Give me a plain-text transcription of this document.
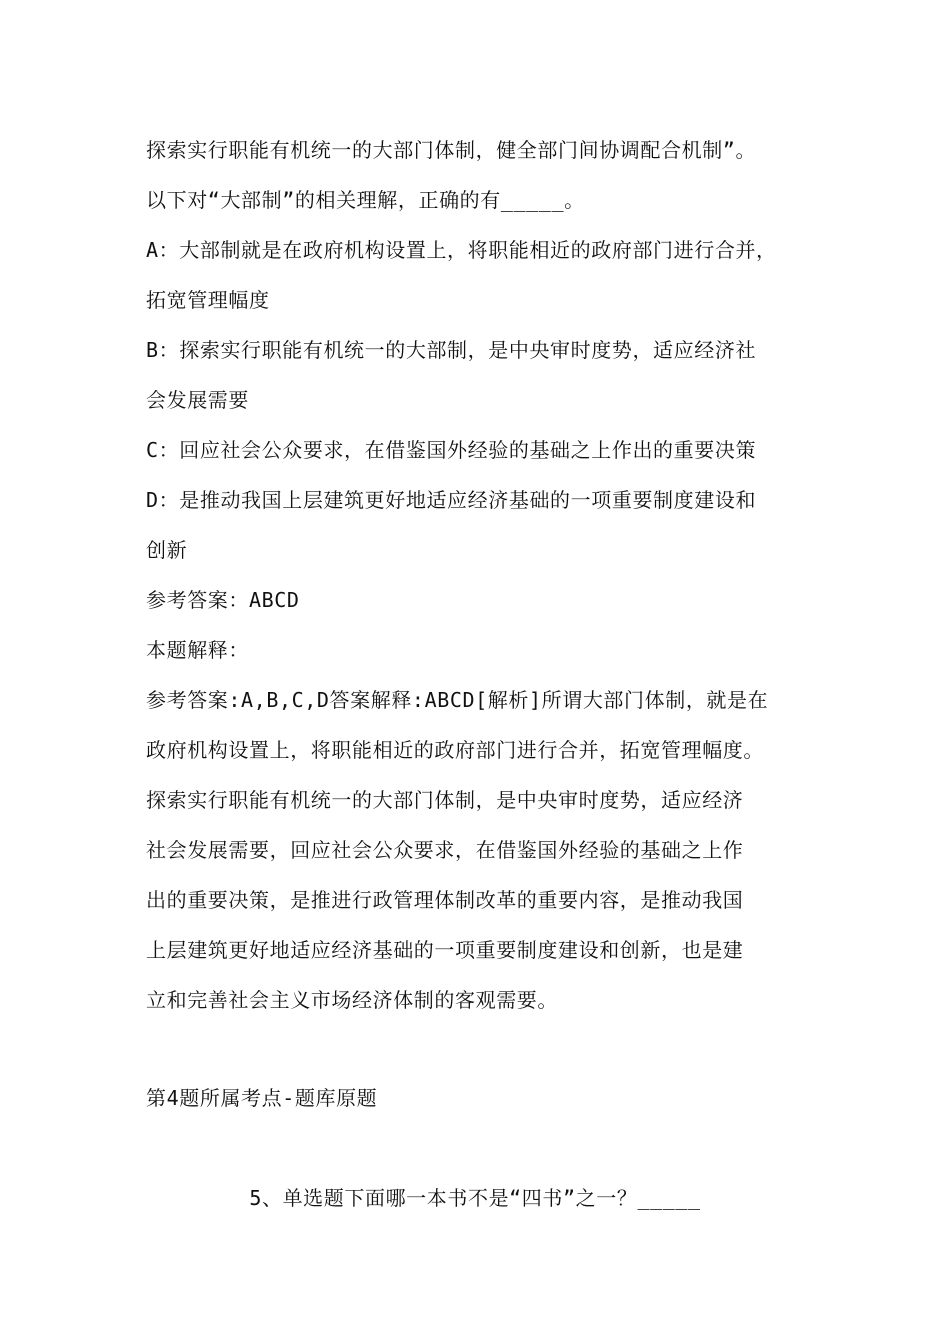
探索实行职能有机统一的大部门体制，健全部门间协调配合机制”。
以下对“大部制”的相关理解，正确的有_____。
A：大部制就是在政府机构设置上，将职能相近的政府部门进行合并，
拓宽管理幅度
B：探索实行职能有机统一的大部制，是中央审时度势，适应经济社
会发展需要
C：回应社会公众要求，在借鉴国外经验的基础之上作出的重要决策
D：是推动我国上层建筑更好地适应经济基础的一项重要制度建设和
创新
参考答案：ABCD
本题解释：
参考答案:A,B,C,D答案解释:ABCD[解析]所谓大部门体制，就是在
政府机构设置上，将职能相近的政府部门进行合并，拓宽管理幅度。
探索实行职能有机统一的大部门体制，是中央审时度势，适应经济
社会发展需要，回应社会公众要求，在借鉴国外经验的基础之上作
出的重要决策，是推进行政管理体制改革的重要内容，是推动我国
上层建筑更好地适应经济基础的一项重要制度建设和创新，也是建
立和完善社会主义市场经济体制的客观需要。
第4题所属考点-题库原题
5、单选题下面哪一本书不是“四书”之一？_____
